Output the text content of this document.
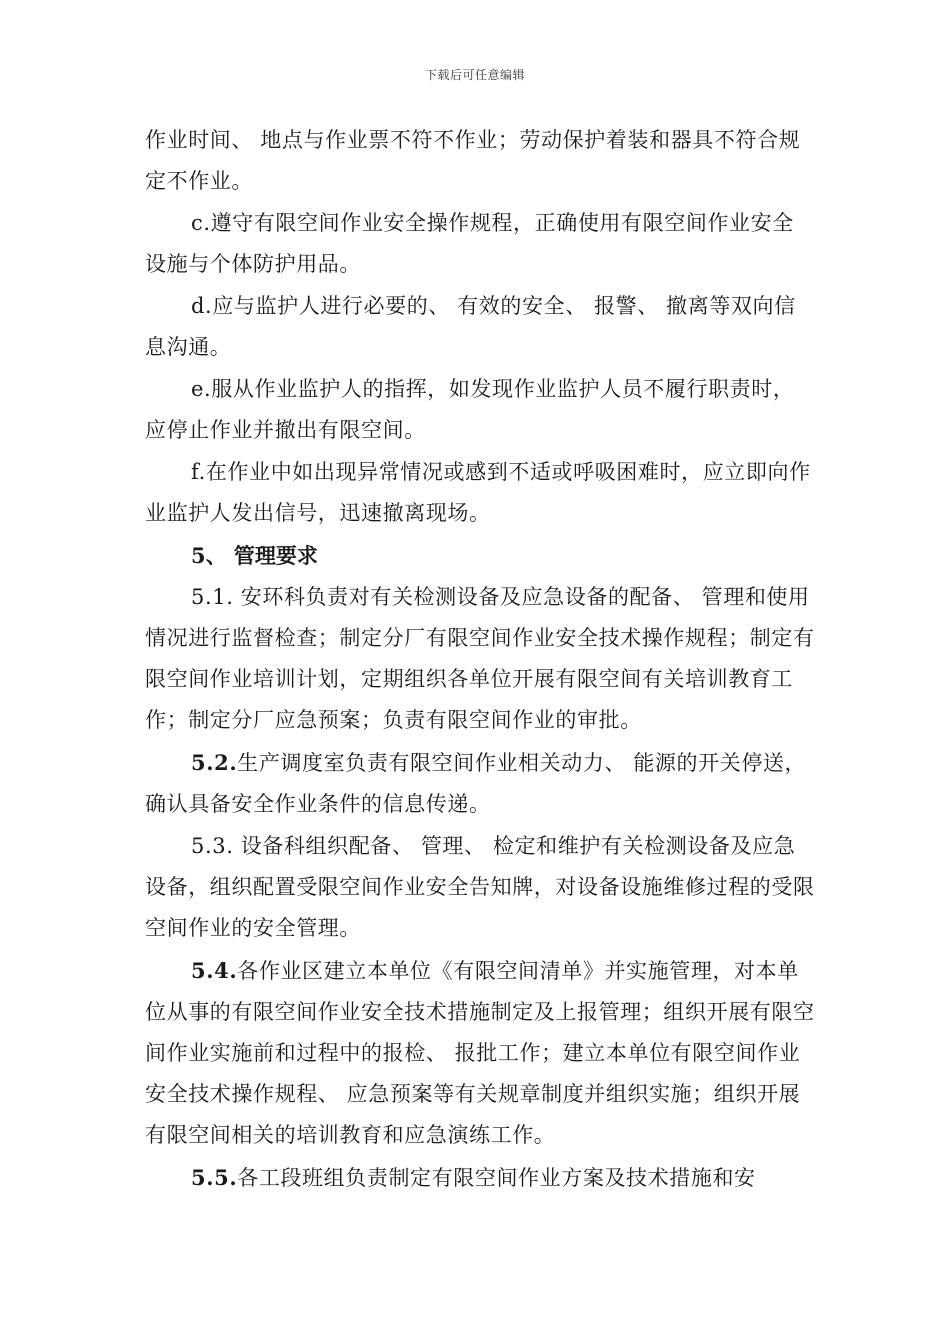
下载后可任意编辑

作业时间、 地点与作业票不符不作业；劳动保护着装和器具不符合规定不作业。

c.遵守有限空间作业安全操作规程，正确使用有限空间作业安全设施与个体防护用品。

d.应与监护人进行必要的、 有效的安全、 报警、 撤离等双向信息沟通。

e.服从作业监护人的指挥，如发现作业监护人员不履行职责时，应停止作业并撤出有限空间。

f.在作业中如出现异常情况或感到不适或呼吸困难时，应立即向作业监护人发出信号，迅速撤离现场。

5、 管理要求

5.1. 安环科负责对有关检测设备及应急设备的配备、 管理和使用情况进行监督检查；制定分厂有限空间作业安全技术操作规程；制定有限空间作业培训计划，定期组织各单位开展有限空间有关培训教育工作；制定分厂应急预案；负责有限空间作业的审批。

5.2.生产调度室负责有限空间作业相关动力、 能源的开关停送，确认具备安全作业条件的信息传递。

5.3. 设备科组织配备、 管理、 检定和维护有关检测设备及应急设备，组织配置受限空间作业安全告知牌，对设备设施维修过程的受限空间作业的安全管理。

5.4.各作业区建立本单位《有限空间清单》并实施管理，对本单位从事的有限空间作业安全技术措施制定及上报管理；组织开展有限空间作业实施前和过程中的报检、 报批工作；建立本单位有限空间作业安全技术操作规程、 应急预案等有关规章制度并组织实施；组织开展有限空间相关的培训教育和应急演练工作。

5.5.各工段班组负责制定有限空间作业方案及技术措施和安
